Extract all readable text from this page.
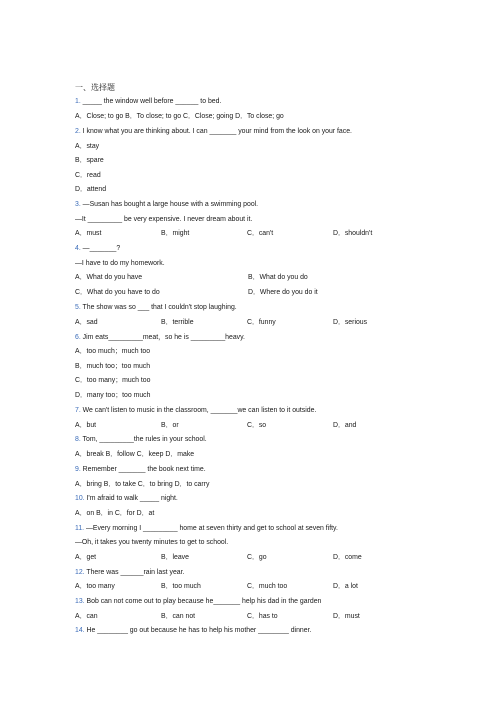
一、选择题
1. _____ the window well before ______ to bed.
A．Close; to go B．To close; to go C．Close; going D．To close; go
2. I know what you are thinking about. I can _______ your mind from the look on your face.
A．stay
B．spare
C．read
D．attend
3. —Susan has bought a large house with a swimming pool.
—It _________ be very expensive. I never dream about it.
A．must	B．might	C．can't	D．shouldn't
4. —_______?
—I have to do my homework.
A．What do you have	B．What do you do
C．What do you have to do	D．Where do you do it
5. The show was so ___ that I couldn't stop laughing.
A．sad	B．terrible	C．funny	D．serious
6. Jim eats_________meat，so he is _________heavy.
A．too much；much too
B．much too；too much
C．too many；much too
D．many too；too much
7. We can't listen to music in the classroom, _______we can listen to it outside.
A．but	B．or	C．so	D．and
8. Tom, _________the rules in your school.
A．break B．follow C．keep D．make
9. Remember _______ the book next time.
A．bring B．to take C．to bring D．to carry
10. I'm afraid to walk _____ night.
A．on B．in C．for D．at
11. —Every morning I _________ home at seven thirty and get to school at seven fifty.
—Oh, it takes you twenty minutes to get to school.
A．get	B．leave	C．go	D．come
12. There was ______rain last year.
A．too many	B．too much	C．much too	D．a lot
13. Bob can not come out to play because he_______ help his dad in the garden
A．can	B．can not	C．has to	D．must
14. He ________ go out because he has to help his mother ________ dinner.
